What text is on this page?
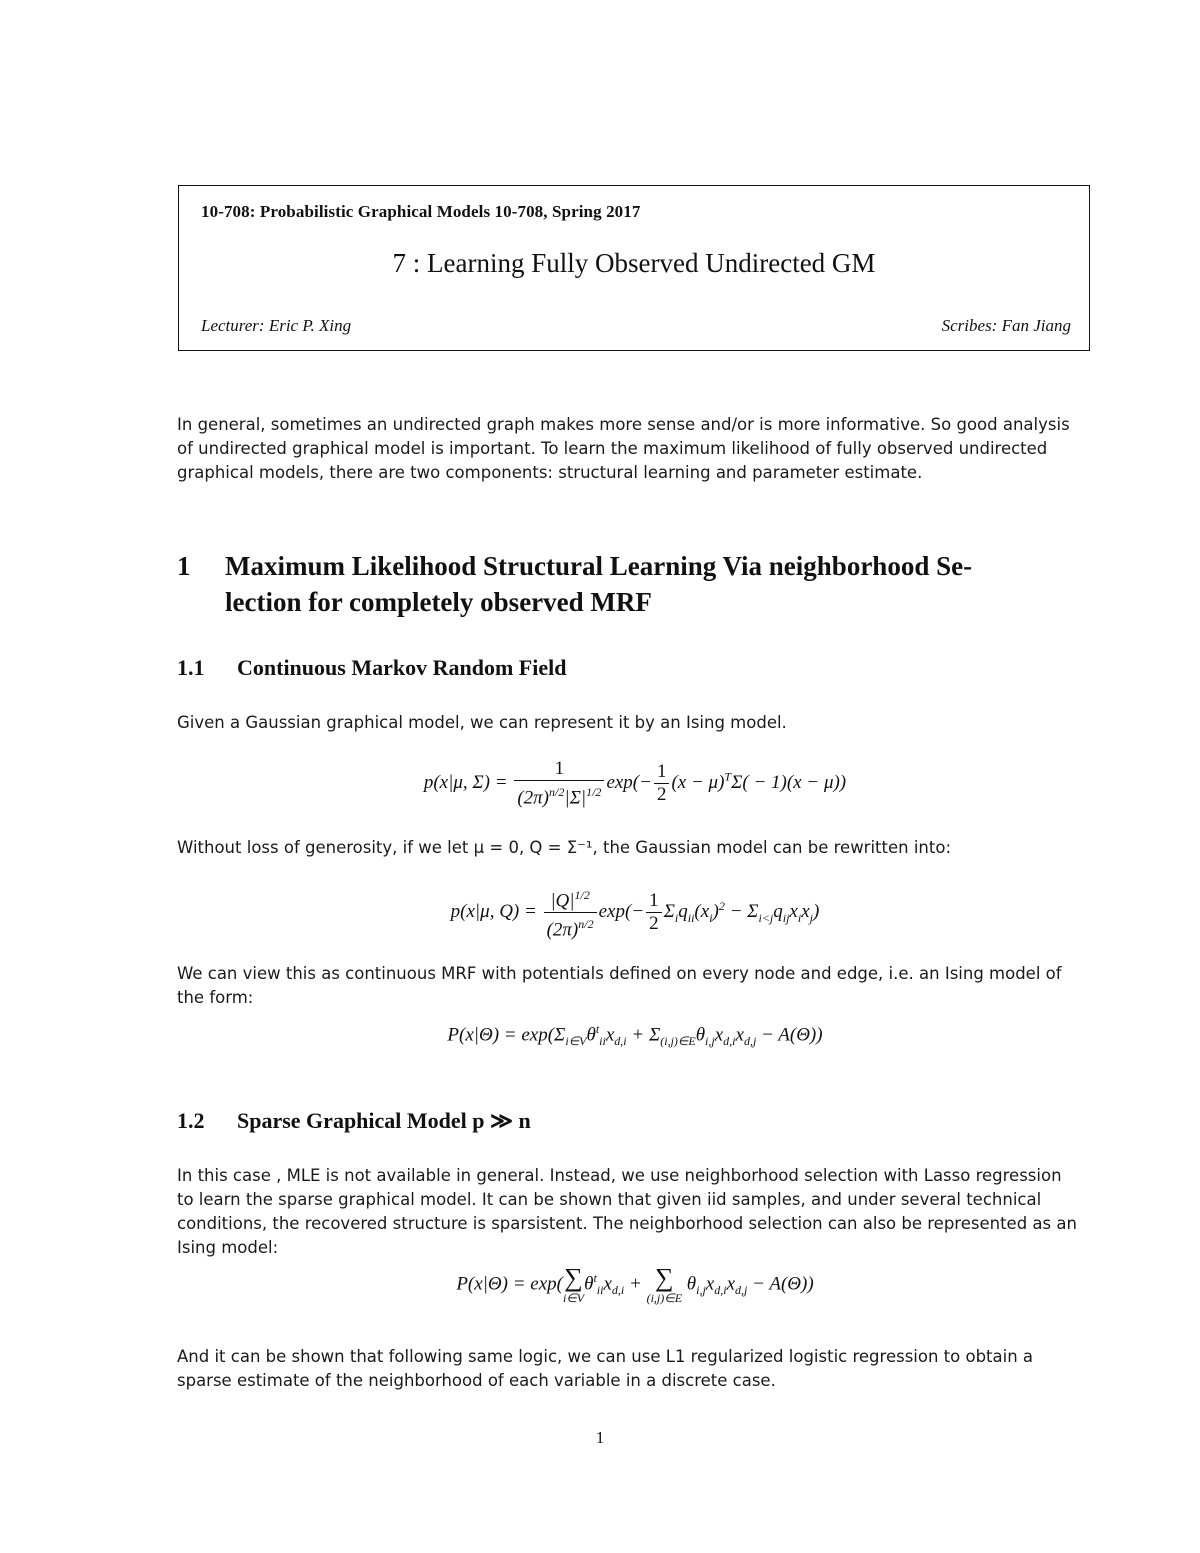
10-708: Probabilistic Graphical Models 10-708, Spring 2017
7 : Learning Fully Observed Undirected GM
Lecturer: Eric P. Xing	Scribes: Fan Jiang
In general, sometimes an undirected graph makes more sense and/or is more informative. So good analysis
of undirected graphical model is important. To learn the maximum likelihood of fully observed undirected
graphical models, there are two components: structural learning and parameter estimate.
1 Maximum Likelihood Structural Learning Via neighborhood Se-
lection for completely observed MRF
1.1 Continuous Markov Random Field
Given a Gaussian graphical model, we can represent it by an Ising model.
p(x|μ, $\Sigma) = \frac{1}{(2\pi)^{n/2}|\Sigma|^{1/2}} \exp(- \frac{1}{2} (x - \mu)^T\Sigma( - 1)(x - \mu))$
Without loss of generosity, if we let μ = 0, Q = Σ⁻¹, the Gaussian model can be rewritten into:
p(x|μ, $Q) = \frac{|Q|^{1/2}}{(2\pi)^{n/2}} \exp(- \frac{1}{2} \Sigma_iq_{ii}(x_i)^2 - \Sigma_{i<j}q_{ij}x_ix_j)$
We can view this as continuous MRF with potentials defined on every node and edge, i.e. an Ising model of
the form:
$P(x|\Theta) = \exp(\Sigma_{i\in V}\theta^t_{ii}x_{d,i} + \Sigma_{(i,j)\in E}\theta_{i,j}x_{d,i}x_{d,j} - A(\Theta))$
1.2 Sparse Graphical Model p ≫ n
In this case , MLE is not available in general. Instead, we use neighborhood selection with Lasso regression
to learn the sparse graphical model. It can be shown that given iid samples, and under several technical
conditions, the recovered structure is sparsistent. The neighborhood selection can also be represented as an
Ising model:
P(x|Θ) = exp( ∑
i∈V
$\theta^t_{ii}x_{d,i}$ + ∑
(i,j)∈E
$\theta_{i,j}x_{d,i}x_{d,j} - A(\Theta)$)
And it can be shown that following same logic, we can use L1 regularized logistic regression to obtain a
sparse estimate of the neighborhood of each variable in a discrete case.
1
